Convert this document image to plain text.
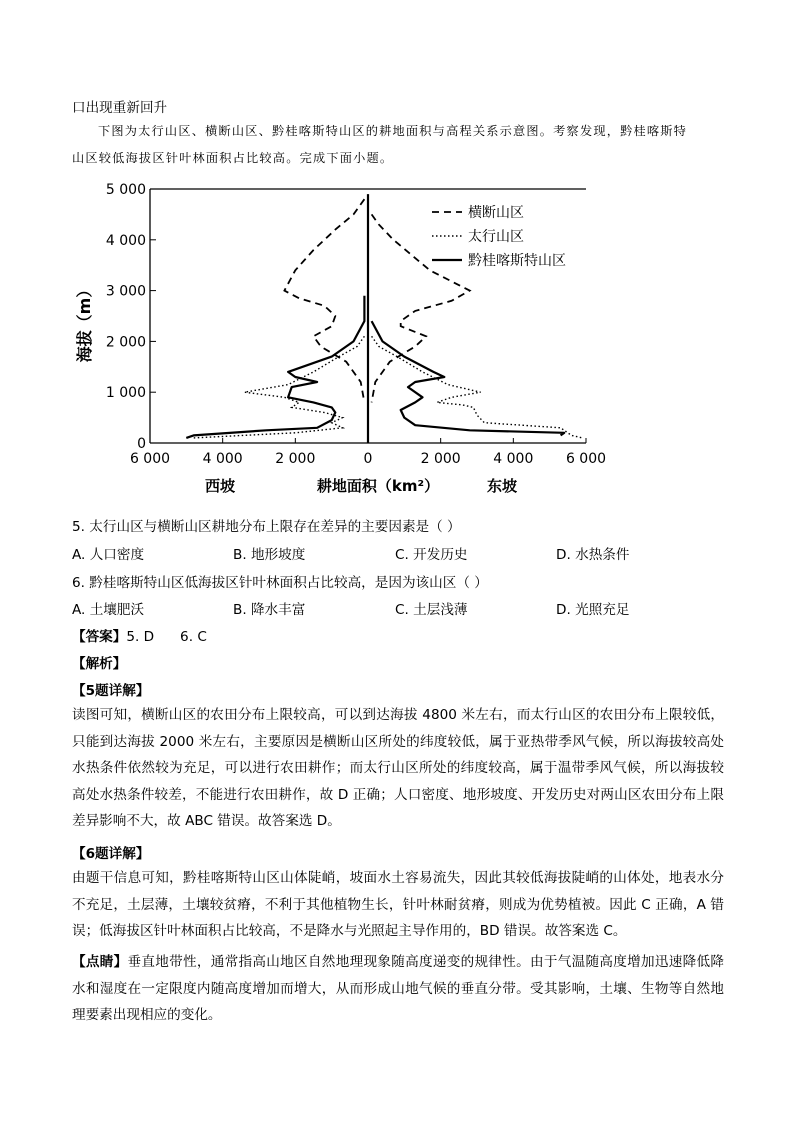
口出现重新回升
下图为太行山区、横断山区、黔桂喀斯特山区的耕地面积与高程关系示意图。考察发现，黔桂喀斯特
山区较低海拔区针叶林面积占比较高。完成下面小题。
0
1 000
2 000
3 000
4 000
5 000
6 000 4 000 2 000	0	2 000 4 000 6 000
横断山区
太行山区
黔桂喀斯特山区
海拔（m）
耕地面积（km²）
西坡	东坡
5. 太行山区与横断山区耕地分布上限存在差异的主要因素是（ ）
A. 人口密度	B. 地形坡度	C. 开发历史	D. 水热条件
6. 黔桂喀斯特山区低海拔区针叶林面积占比较高，是因为该山区（ ）
A. 土壤肥沃	B. 降水丰富	C. 土层浅薄	D. 光照充足
【答案】5. D      6. C
【解析】
【5题详解】
读图可知，横断山区的农田分布上限较高，可以到达海拔 4800 米左右，而太行山区的农田分布上限较低，只能到达海拔 2000 米左右，主要原因是横断山区所处的纬度较低，属于亚热带季风气候，所以海拔较高处水热条件依然较为充足，可以进行农田耕作；而太行山区所处的纬度较高，属于温带季风气候，所以海拔较高处水热条件较差，不能进行农田耕作，故 D 正确；人口密度、地形坡度、开发历史对两山区农田分布上限差异影响不大，故 ABC 错误。故答案选 D。
【6题详解】
由题干信息可知，黔桂喀斯特山区山体陡峭，坡面水土容易流失，因此其较低海拔陡峭的山体处，地表水分不充足，土层薄，土壤较贫瘠，不利于其他植物生长，针叶林耐贫瘠，则成为优势植被。因此 C 正确，A 错误；低海拔区针叶林面积占比较高，不是降水与光照起主导作用的，BD 错误。故答案选 C。
【点睛】垂直地带性，通常指高山地区自然地理现象随高度递变的规律性。由于气温随高度增加迅速降低降水和湿度在一定限度内随高度增加而增大，从而形成山地气候的垂直分带。受其影响，土壤、生物等自然地理要素出现相应的变化。
